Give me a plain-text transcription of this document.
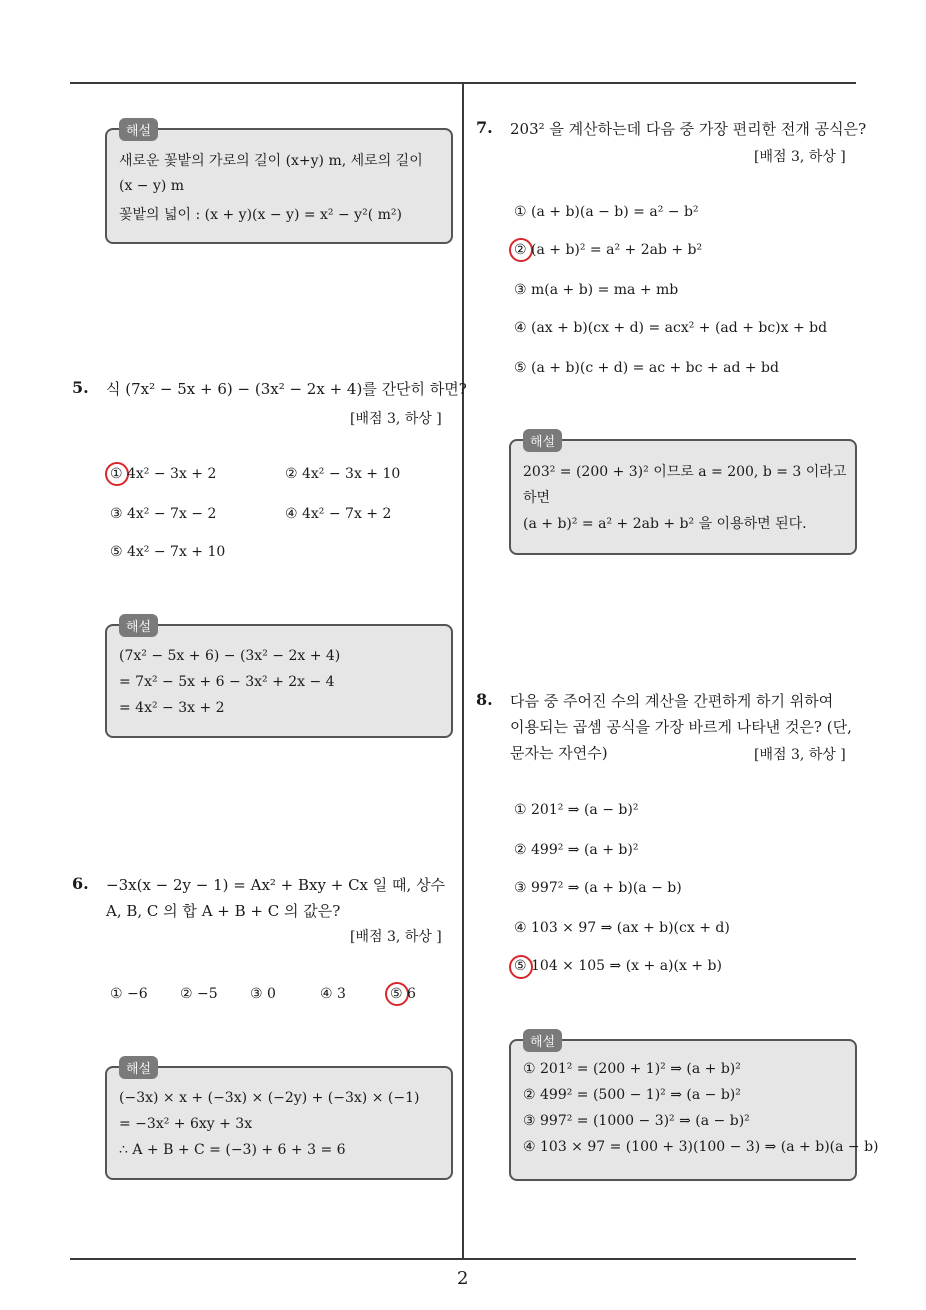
해설
새로운 꽃밭의 가로의 길이 (x+y) m, 세로의 길이
(x − y) m
꽃밭의 넓이 : (x + y)(x − y) = x² − y²( m²)
5. 식 (7x² − 5x + 6) − (3x² − 2x + 4)를 간단히 하면?
[배점 3, 하상 ]
① 4x² − 3x + 2	② 4x² − 3x + 10
③ 4x² − 7x − 2	④ 4x² − 7x + 2
⑤ 4x² − 7x + 10
해설
(7x² − 5x + 6) − (3x² − 2x + 4)
= 7x² − 5x + 6 − 3x² + 2x − 4
= 4x² − 3x + 2
6. −3x(x − 2y − 1) = Ax² + Bxy + Cx 일 때, 상수
A, B, C 의 합 A + B + C 의 값은?
[배점 3, 하상 ]
① −6 ② −5 ③ 0	④ 3	⑤ 6
해설
(−3x) × x + (−3x) × (−2y) + (−3x) × (−1)
= −3x² + 6xy + 3x
∴ A + B + C = (−3) + 6 + 3 = 6
7. 203² 을 계산하는데 다음 중 가장 편리한 전개 공식은?
[배점 3, 하상 ]
① (a + b)(a − b) = a² − b²
② (a + b)² = a² + 2ab + b²
③ m(a + b) = ma + mb
④ (ax + b)(cx + d) = acx² + (ad + bc)x + bd
⑤ (a + b)(c + d) = ac + bc + ad + bd
해설
203² = (200 + 3)² 이므로 a = 200, b = 3 이라고
하면
(a + b)² = a² + 2ab + b² 을 이용하면 된다.
8. 다음 중 주어진 수의 계산을 간편하게 하기 위하여
이용되는 곱셈 공식을 가장 바르게 나타낸 것은? (단,
문자는 자연수)	[배점 3, 하상 ]
① 201² ⇒ (a − b)²
② 499² ⇒ (a + b)²
③ 997² ⇒ (a + b)(a − b)
④ 103 × 97 ⇒ (ax + b)(cx + d)
⑤ 104 × 105 ⇒ (x + a)(x + b)
해설
① 201² = (200 + 1)² ⇒ (a + b)²
② 499² = (500 − 1)² ⇒ (a − b)²
③ 997² = (1000 − 3)² ⇒ (a − b)²
④ 103 × 97 = (100 + 3)(100 − 3) ⇒ (a + b)(a − b)
2
